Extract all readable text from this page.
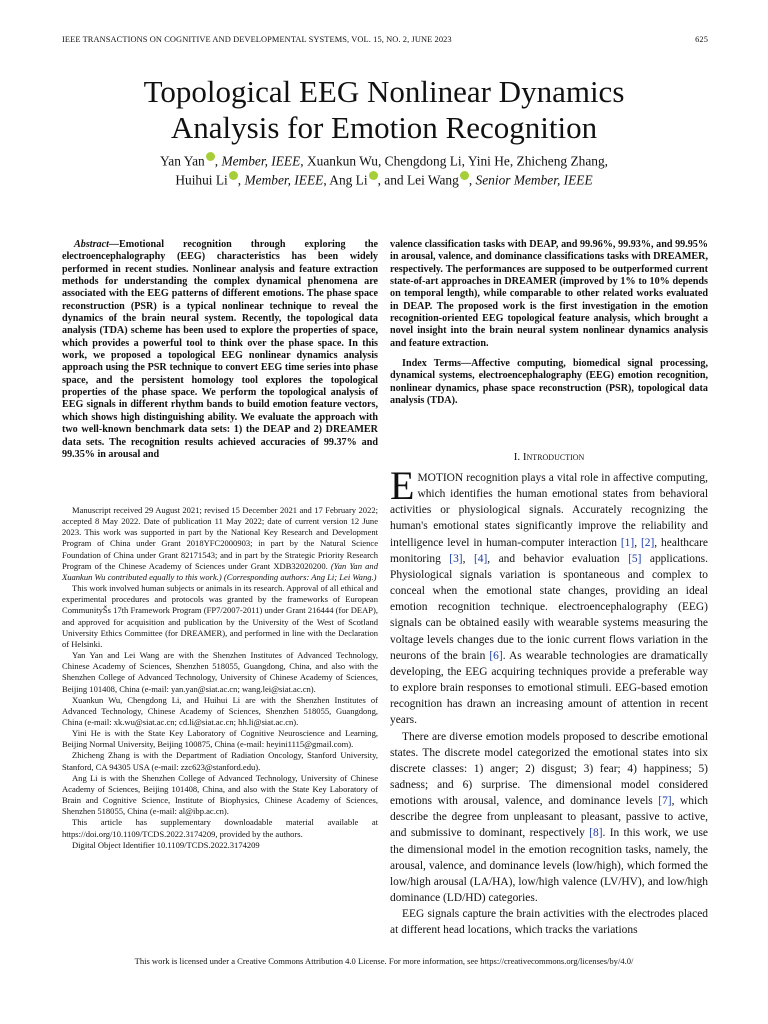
IEEE TRANSACTIONS ON COGNITIVE AND DEVELOPMENTAL SYSTEMS, VOL. 15, NO. 2, JUNE 2023	625
Topological EEG Nonlinear Dynamics
Analysis for Emotion Recognition
Yan Yan , Member, IEEE, Xuankun Wu, Chengdong Li, Yini He, Zhicheng Zhang,
Huihui Li , Member, IEEE, Ang Li , and Lei Wang , Senior Member, IEEE

Abstract—Emotional recognition through exploring the electroencephalography (EEG) characteristics has been widely performed in recent studies. Nonlinear analysis and feature extraction methods for understanding the complex dynamical phenomena are associated with the EEG patterns of different emotions. The phase space reconstruction (PSR) is a typical nonlinear technique to reveal the dynamics of the brain neural system. Recently, the topological data analysis (TDA) scheme has been used to explore the properties of space, which provides a powerful tool to think over the phase space. In this work, we proposed a topological EEG nonlinear dynamics analysis approach using the PSR technique to convert EEG time series into phase space, and the persistent homology tool explores the topological properties of the phase space. We perform the topological analysis of EEG signals in different rhythm bands to build emotion feature vectors, which shows high distinguishing ability. We evaluate the approach with two well-known benchmark data sets: 1) the DEAP and 2) DREAMER data sets. The recognition results achieved accuracies of 99.37% and 99.35% in arousal and

Manuscript received 29 August 2021; revised 15 December 2021 and 17 February 2022; accepted 8 May 2022. Date of publication 11 May 2022; date of current version 12 June 2023. This work was supported in part by the National Key Research and Development Program of China under Grant 2018YFC2000903; in part by the Natural Science Foundation of China under Grant 82171543; and in part by the Strategic Priority Research Program of the Chinese Academy of Sciences under Grant XDB32020200. (Yan Yan and Xuankun Wu contributed equally to this work.) (Corresponding authors: Ang Li; Lei Wang.)

This work involved human subjects or animals in its research. Approval of all ethical and experimental procedures and protocols was granted by the frameworks of European CommunityŠs 17th Framework Program (FP7/2007-2011) under Grant 216444 (for DEAP), and approved for acquisition and publication by the University of the West of Scotland University Ethics Committee (for DREAMER), and performed in line with the Declaration of Helsinki.

Yan Yan and Lei Wang are with the Shenzhen Institutes of Advanced Technology, Chinese Academy of Sciences, Shenzhen 518055, Guangdong, China, and also with the Shenzhen College of Advanced Technology, University of Chinese Academy of Sciences, Beijing 101408, China (e-mail: yan.yan@siat.ac.cn; wang.lei@siat.ac.cn).

Xuankun Wu, Chengdong Li, and Huihui Li are with the Shenzhen Institutes of Advanced Technology, Chinese Academy of Sciences, Shenzhen 518055, Guangdong, China (e-mail: xk.wu@siat.ac.cn; cd.li@siat.ac.cn; hh.li@siat.ac.cn).

Yini He is with the State Key Laboratory of Cognitive Neuroscience and Learning, Beijing Normal University, Beijing 100875, China (e-mail: heyini1115@gmail.com).

Zhicheng Zhang is with the Department of Radiation Oncology, Stanford University, Stanford, CA 94305 USA (e-mail: zzc623@stanford.edu).

Ang Li is with the Shenzhen College of Advanced Technology, University of Chinese Academy of Sciences, Beijing 101408, China, and also with the State Key Laboratory of Brain and Cognitive Science, Institute of Biophysics, Chinese Academy of Sciences, Shenzhen 518055, China (e-mail: al@ibp.ac.cn).

This article has supplementary downloadable material available at https://doi.org/10.1109/TCDS.2022.3174209, provided by the authors.

Digital Object Identifier 10.1109/TCDS.2022.3174209

valence classification tasks with DEAP, and 99.96%, 99.93%, and 99.95% in arousal, valence, and dominance classifications tasks with DREAMER, respectively. The performances are supposed to be outperformed current state-of-art approaches in DREAMER (improved by 1% to 10% depends on temporal length), while comparable to other related works evaluated in DEAP. The proposed work is the first investigation in the emotion recognition-oriented EEG topological feature analysis, which brought a novel insight into the brain neural system nonlinear dynamics analysis and feature extraction.

Index Terms—Affective computing, biomedical signal processing, dynamical systems, electroencephalography (EEG) emotion recognition, nonlinear dynamics, phase space reconstruction (PSR), topological data analysis (TDA).

I. Introduction

EMOTION recognition plays a vital role in affective computing, which identifies the human emotional states from behavioral activities or physiological signals. Accurately recognizing the human's emotional states significantly improve the reliability and intelligence level in human-computer interaction [1], [2], healthcare monitoring [3], [4], and behavior evaluation [5] applications. Physiological signals variation is spontaneous and complex to conceal when the emotional state changes, providing an ideal emotion recognition technique. electroencephalography (EEG) signals can be obtained easily with wearable systems measuring the voltage levels changes due to the ionic current flows variation in the neurons of the brain [6]. As wearable technologies are dramatically developing, the EEG acquiring techniques provide a preferable way to explore brain responses to emotional stimuli. EEG-based emotion recognition has drawn an increasing amount of attention in recent years.

There are diverse emotion models proposed to describe emotional states. The discrete model categorized the emotional states into six discrete classes: 1) anger; 2) disgust; 3) fear; 4) happiness; 5) sadness; and 6) surprise. The dimensional model considered emotions with arousal, valence, and dominance levels [7], which describe the degree from unpleasant to pleasant, passive to active, and submissive to dominant, respectively [8]. In this work, we use the dimensional model in the emotion recognition tasks, namely, the arousal, valence, and dominance levels (low/high), which formed the low/high arousal (LA/HA), low/high valence (LV/HV), and low/high dominance (LD/HD) categories.

EEG signals capture the brain activities with the electrodes placed at different head locations, which tracks the variations

This work is licensed under a Creative Commons Attribution 4.0 License. For more information, see https://creativecommons.org/licenses/by/4.0/
